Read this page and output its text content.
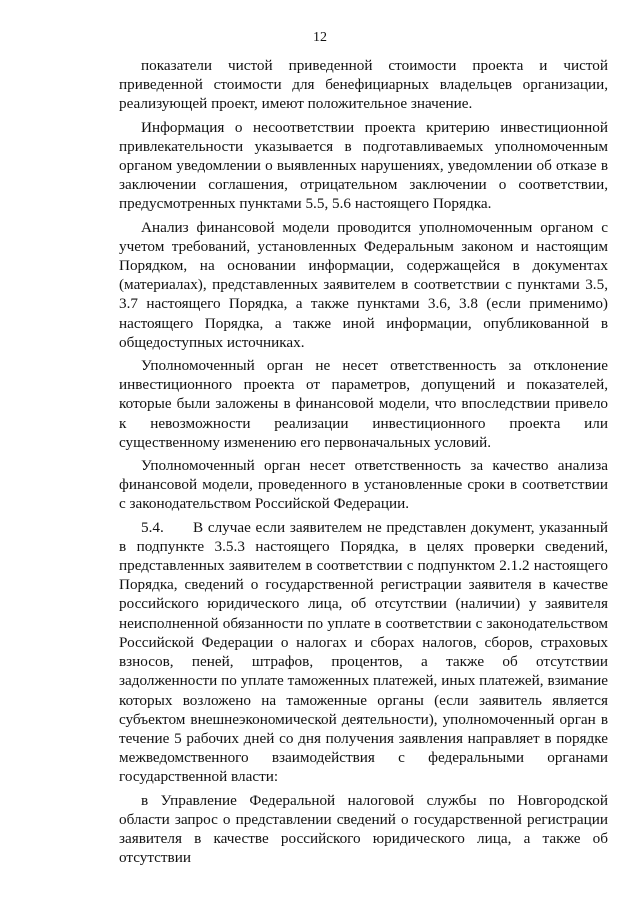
12

показатели чистой приведенной стоимости проекта и чистой приведенной стоимости для бенефициарных владельцев организации, реализующей проект, имеют положительное значение.

Информация о несоответствии проекта критерию инвестиционной привлекательности указывается в подготавливаемых уполномоченным органом уведомлении о выявленных нарушениях, уведомлении об отказе в заключении соглашения, отрицательном заключении о соответствии, предусмотренных пунктами 5.5, 5.6 настоящего Порядка.

Анализ финансовой модели проводится уполномоченным органом с учетом требований, установленных Федеральным законом и настоящим Порядком, на основании информации, содержащейся в документах (материалах), представленных заявителем в соответствии с пунктами 3.5, 3.7 настоящего Порядка, а также пунктами 3.6, 3.8 (если применимо) настоящего Порядка, а также иной информации, опубликованной в общедоступных источниках.

Уполномоченный орган не несет ответственность за отклонение инвестиционного проекта от параметров, допущений и показателей, которые были заложены в финансовой модели, что впоследствии привело к невозможности реализации инвестиционного проекта или существенному изменению его первоначальных условий.

Уполномоченный орган несет ответственность за качество анализа финансовой модели, проведенного в установленные сроки в соответствии с законодательством Российской Федерации.

5.4. В случае если заявителем не представлен документ, указанный в подпункте 3.5.3 настоящего Порядка, в целях проверки сведений, представленных заявителем в соответствии с подпунктом 2.1.2 настоящего Порядка, сведений о государственной регистрации заявителя в качестве российского юридического лица, об отсутствии (наличии) у заявителя неисполненной обязанности по уплате в соответствии с законодательством Российской Федерации о налогах и сборах налогов, сборов, страховых взносов, пеней, штрафов, процентов, а также об отсутствии задолженности по уплате таможенных платежей, иных платежей, взимание которых возложено на таможенные органы (если заявитель является субъектом внешнеэкономической деятельности), уполномоченный орган в течение 5 рабочих дней со дня получения заявления направляет в порядке межведомственного взаимодействия с федеральными органами государственной власти:

в Управление Федеральной налоговой службы по Новгородской области запрос о представлении сведений о государственной регистрации заявителя в качестве российского юридического лица, а также об отсутствии
